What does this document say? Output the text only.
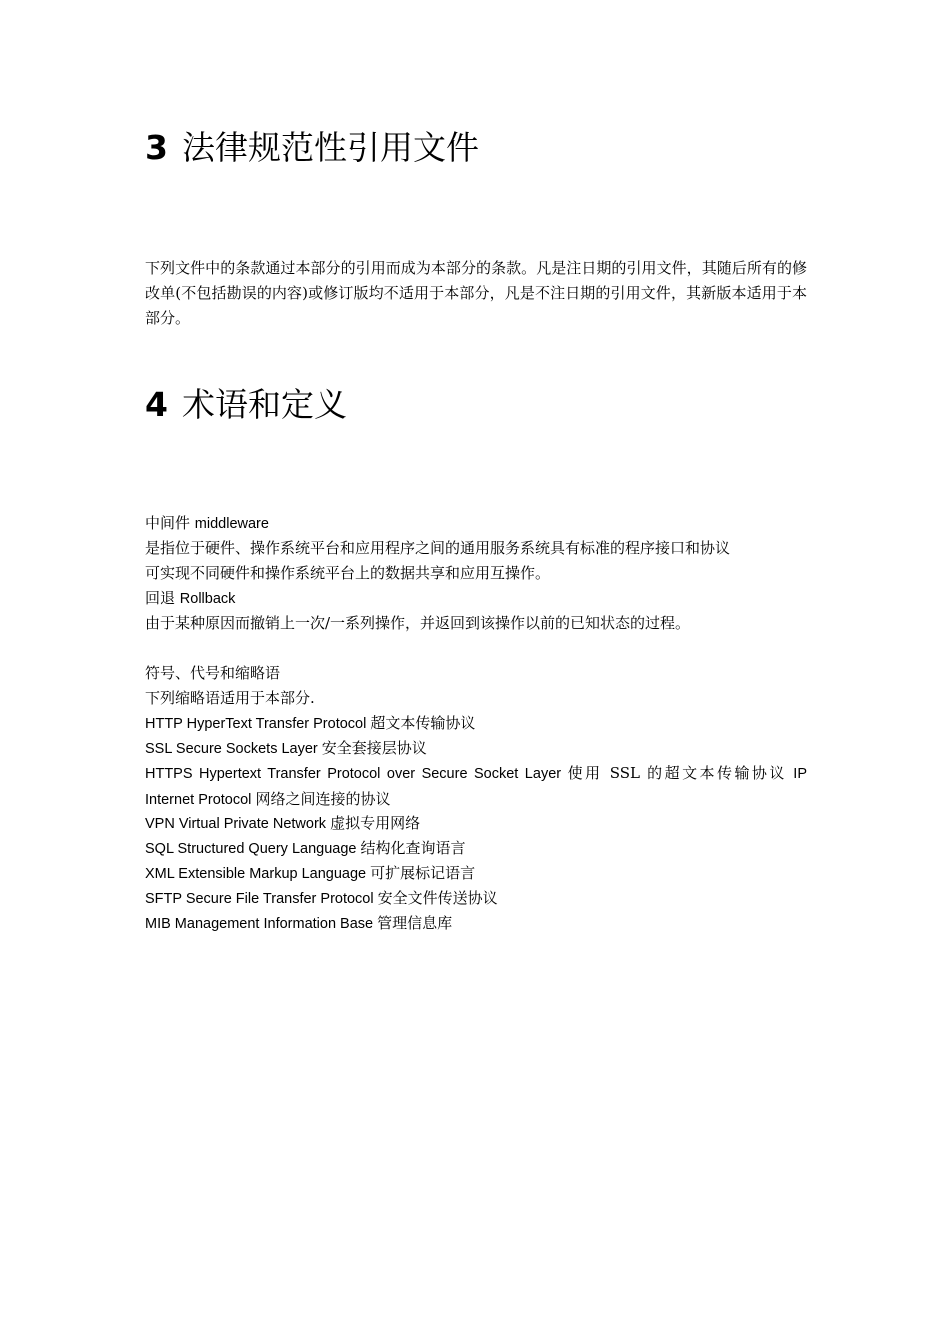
3 法律规范性引用文件

下列文件中的条款通过本部分的引用而成为本部分的条款。凡是注日期的引用文件，其随后所有的修改单(不包括勘误的内容)或修订版均不适用于本部分，凡是不注日期的引用文件，其新版本适用于本部分。

4 术语和定义

中间件 middleware

是指位于硬件、操作系统平台和应用程序之间的通用服务系统具有标准的程序接口和协议

可实现不同硬件和操作系统平台上的数据共享和应用互操作。

回退 Rollback

由于某种原因而撤销上一次/一系列操作，并返回到该操作以前的已知状态的过程。

符号、代号和缩略语

下列缩略语适用于本部分.

HTTP HyperText Transfer Protocol 超文本传输协议

SSL Secure Sockets Layer 安全套接层协议

HTTPS Hypertext Transfer Protocol over Secure Socket Layer 使用 SSL 的超文本传输协议 IP Internet Protocol 网络之间连接的协议

VPN Virtual Private Network 虚拟专用网络

SQL Structured Query Language 结构化查询语言

XML Extensible Markup Language 可扩展标记语言

SFTP Secure File Transfer Protocol 安全文件传送协议

MIB Management Information Base 管理信息库
